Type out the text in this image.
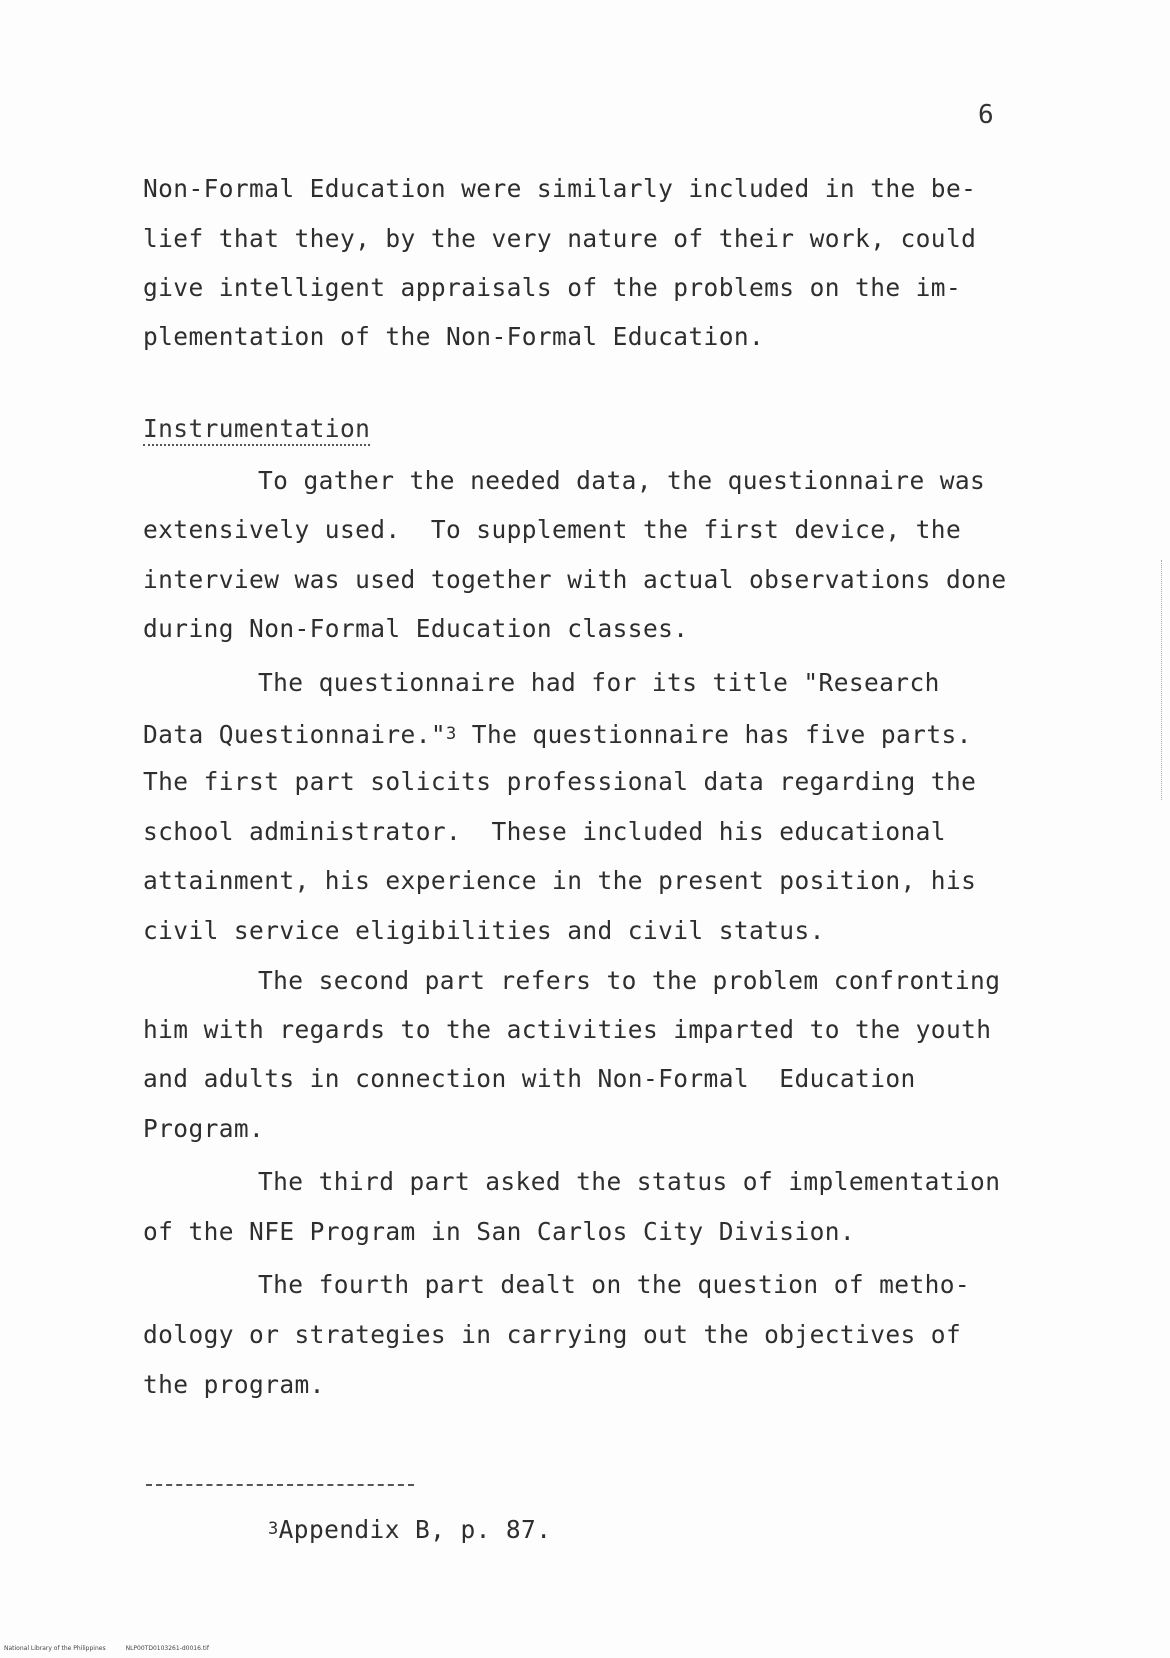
6
Non-Formal Education were similarly included in the be-
lief that they, by the very nature of their work, could
give intelligent appraisals of the problems on the im-
plementation of the Non-Formal Education.
Instrumentation
To gather the needed data, the questionnaire was
extensively used.  To supplement the first device, the
interview was used together with actual observations done
during Non-Formal Education classes.
The questionnaire had for its title "Research
Data Questionnaire."$^3$ The questionnaire has five parts.
The first part solicits professional data regarding the
school administrator.  These included his educational
attainment, his experience in the present position, his
civil service eligibilities and civil status.
The second part refers to the problem confronting
him with regards to the activities imparted to the youth
and adults in connection with Non-Formal  Education
Program.
The third part asked the status of implementation
of the NFE Program in San Carlos City Division.
The fourth part dealt on the question of metho-
dology or strategies in carrying out the objectives of
the program.
$^3$Appendix B, p. 87.
National Library of the Philippines	NLP00TD0103261-d0016.tif
